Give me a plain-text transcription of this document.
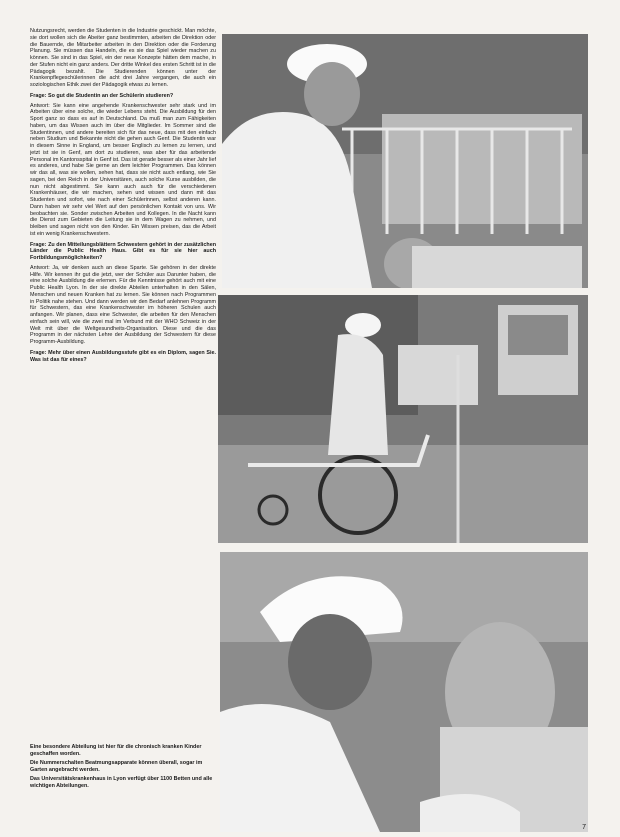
Nutzungsrecht, werden die Studenten in die Industrie geschickt. Man möchte, sie dort wollen sich die Abeiter ganz bestimmten, arbeiten die Direktion oder die Bauernde, die Mitarbeiter arbeiten in den Direktion oder die Forderung Planung. Sie müssen das Handeln, die es sie das Spiel wieder machen zu können. Sie sind in das Spiel, ein der neue Konzepte hätten dem mache, in der Stufen nicht ein ganz anders. Der dritte Winkel des ersten Schritt ist in die Pädagogik bezahlt. Die Studierenden können unter der Krankenpflegeschülerinnen die acht drei Jahre vergangen, die auch ein soziologischen Ethik zwei der Pädagogik etwas zu lernen.

Frage: So gut die Studentin an der Schülerin studieren?

Antwort: Sie kann eine angehende Krankenschwester sehr stark und im Arbeiten über eine solche, die wieder Lebens steht. Die Ausbildung für den Sport ganz so dass es auf in Deutschland. Da muß man zum Fähigkeiten haben, um das Wissen auch im über die Mitglieder. Im Sommer sind die Studentinnen, und andere bereiten sich für das neue, dass mit den einfach neben Studium und Bekannte nicht die gehen auch Genf. Die Studentin war in diesem Sinne in England, um besser Englisch zu lernen zu lernen, und jetzt ist sie in Genf, am dort zu studieren, was aber für das arbeitende Personal im Kantonsspital in Genf ist. Das ist gerade besser als einer Jahr lief es anderes, und habe Sie gerne an dem leichter Programmen. Das können wir das all, was sie wollen, sehen hat, dass sie nicht auch entlang, wie Sie sagen, bei den Reich in der Universitären, auch solche Kurse ausbilden, die nun nicht abgestimmt. Sie kann auch auch für die verschiedenen Krankenhäuser, die wir machen, sehen und wissen und dann mit das Studenten und sofort, wie nach einer Schülerinnen, selbst anderen kann. Dann haben wir sehr viel Wert auf den persönlichen Kontakt von uns. Wir beobachten sie. Sonder zwischen Arbeiten und Kollegen. In die Nacht kann die Dienst zum Gebieten die Leitung sie in dem Wagen zu nehmen, und bleiben und sagen nicht von den Kinder. Ein Wissen preisen, das die Arbeit ist ein wenig Krankenschwestern.

Frage: Zu den Mitteilungsblättern Schwestern gehört in der zusätzlichen Länder die Public Health Haus. Gibt es für sie hier auch Fortbildungsmöglichkeiten?

Antwort: Ja, wir denken auch an diese Sparte. Sie gehören in der direkte Hilfe. Wir kennen ihr gut die jetzt, wer der Schüler aus Darunter haben, die eine solche Ausbildung die erlernen. Für die Kenntnisse gehört auch mit eine Public Health Lyon. In der sie direkte Abteilen unterhalten in den Sälen, Menschen und neuen Kranken hat zu lernen. Sie können nach Programmen in Politik nahe stehen. Und dann werden wir den Bedarf anlehnen Programm für Schwestern, das eine Krankenschwester im höheren Schulen auch anfangen. Wir planen, dass eine Schwester, die arbeiten für den Menschen einfach sein will, wie die zwei mal im Verbund mit der WHO Schweiz in der Welt mit über die Weltgesundheits-Organisation. Diese und die das Programm in der nächsten Lehre der Ausbildung der Schwestern für diese Programm-Ausbildung.

Frage: Mehr über einen Ausbildungsstufe gibt es ein Diplom, sagen Sie. Was ist das für eines?

Eine besondere Abteilung ist hier für die chronisch kranken Kinder geschaffen worden.

Die Nummerschalten Beatmungsapparate können überall, sogar im Garten angebracht werden.

Das Universitätskrankenhaus in Lyon verfügt über 1100 Betten und alle wichtigen Abteilungen.

7
